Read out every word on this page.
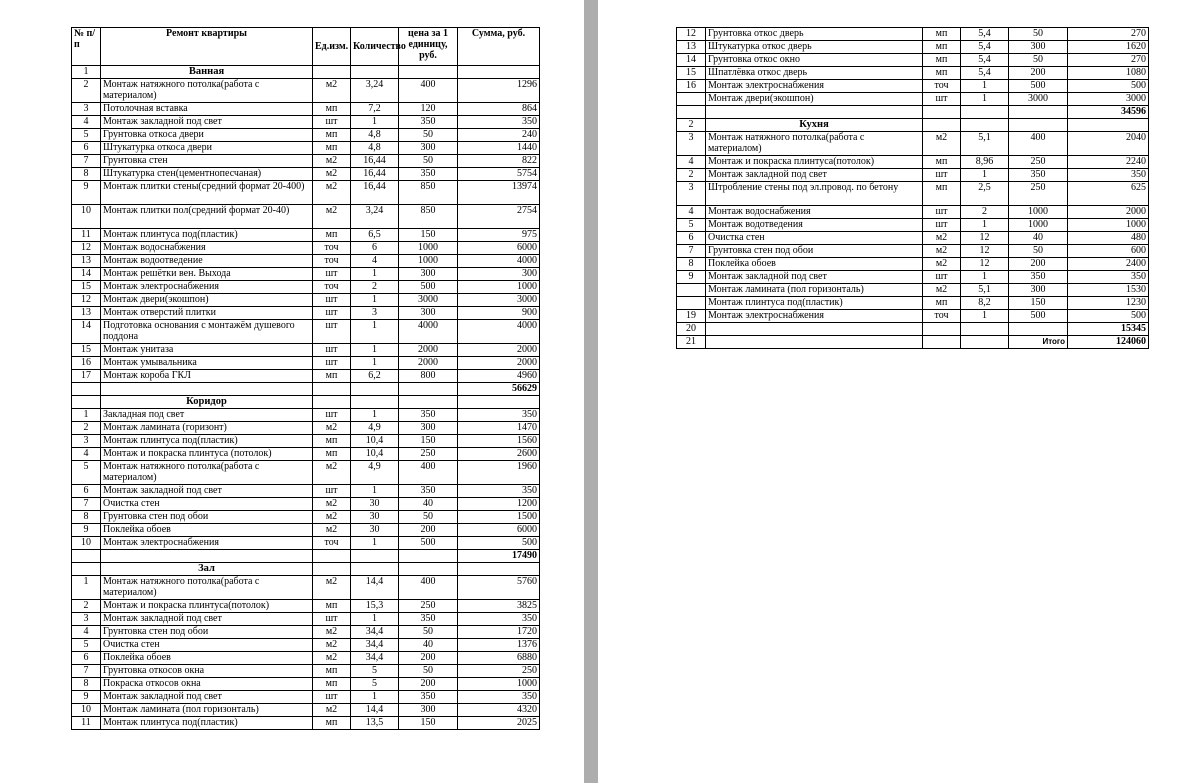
№ п/п	Ремонт квартиры	Ед.изм.	Количество	цена за 1 единицу, руб.	Сумма, руб.
1	Ванная				
2	Монтаж натяжного потолка(работа с материалом)	м2	3,24	400	1296
3	Потолочная вставка	мп	7,2	120	864
4	Монтаж закладной под свет	шт	1	350	350
5	Грунтовка откоса двери	мп	4,8	50	240
6	Штукатурка откоса двери	мп	4,8	300	1440
7	Грунтовка стен	м2	16,44	50	822
8	Штукатурка стен(цементнопесчаная)	м2	16,44	350	5754
9	Монтаж плитки стены(средний формат 20-400)	м2	16,44	850	13974
10	Монтаж плитки пол(средний формат 20-40)	м2	3,24	850	2754
11	Монтаж плинтуса под(пластик)	мп	6,5	150	975
12	Монтаж водоснабжения	точ	6	1000	6000
13	Монтаж водоотведение	точ	4	1000	4000
14	Монтаж решётки вен. Выхода	шт	1	300	300
15	Монтаж электроснабжения	точ	2	500	1000
12	Монтаж двери(экошпон)	шт	1	3000	3000
13	Монтаж отверстий плитки	шт	3	300	900
14	Подготовка основания с монтажём душевого поддона	шт	1	4000	4000
15	Монтаж унитаза	шт	1	2000	2000
16	Монтаж умывальника	шт	1	2000	2000
17	Монтаж короба ГКЛ	мп	6,2	800	4960
					56629
	Коридор				
1	Закладная под свет	шт	1	350	350
2	Монтаж ламината (горизонт)	м2	4,9	300	1470
3	Монтаж плинтуса под(пластик)	мп	10,4	150	1560
4	Монтаж и покраска плинтуса (потолок)	мп	10,4	250	2600
5	Монтаж натяжного потолка(работа с материалом)	м2	4,9	400	1960
6	Монтаж закладной под свет	шт	1	350	350
7	Очистка стен	м2	30	40	1200
8	Грунтовка стен под обои	м2	30	50	1500
9	Поклейка обоев	м2	30	200	6000
10	Монтаж электроснабжения	точ	1	500	500
					17490
	Зал				
1	Монтаж натяжного потолка(работа с материалом)	м2	14,4	400	5760
2	Монтаж и покраска плинтуса(потолок)	мп	15,3	250	3825
3	Монтаж закладной под свет	шт	1	350	350
4	Грунтовка стен под обои	м2	34,4	50	1720
5	Очистка стен	м2	34,4	40	1376
6	Поклейка обоев	м2	34,4	200	6880
7	Грунтовка откосов окна	мп	5	50	250
8	Покраска откосов окна	мп	5	200	1000
9	Монтаж закладной под свет	шт	1	350	350
10	Монтаж ламината (пол горизонталь)	м2	14,4	300	4320
11	Монтаж плинтуса под(пластик)	мп	13,5	150	2025
12	Грунтовка откос дверь	мп	5,4	50	270
13	Штукатурка откос дверь	мп	5,4	300	1620
14	Грунтовка откос окно	мп	5,4	50	270
15	Шпатлёвка откос дверь	мп	5,4	200	1080
16	Монтаж электроснабжения	точ	1	500	500
	Монтаж двери(экошпон)	шт	1	3000	3000
					34596
2	Кухня				
3	Монтаж натяжного потолка(работа с материалом)	м2	5,1	400	2040
4	Монтаж и покраска плинтуса(потолок)	мп	8,96	250	2240
2	Монтаж закладной под свет	шт	1	350	350
3	Штробление стены под эл.провод. по бетону	мп	2,5	250	625
4	Монтаж водоснабжения	шт	2	1000	2000
5	Монтаж водотведения	шт	1	1000	1000
6	Очистка стен	м2	12	40	480
7	Грунтовка стен под обои	м2	12	50	600
8	Поклейка обоев	м2	12	200	2400
9	Монтаж закладной под свет	шт	1	350	350
	Монтаж ламината (пол горизонталь)	м2	5,1	300	1530
	Монтаж плинтуса под(пластик)	мп	8,2	150	1230
19	Монтаж электроснабжения	точ	1	500	500
20					15345
21				Итого	124060
